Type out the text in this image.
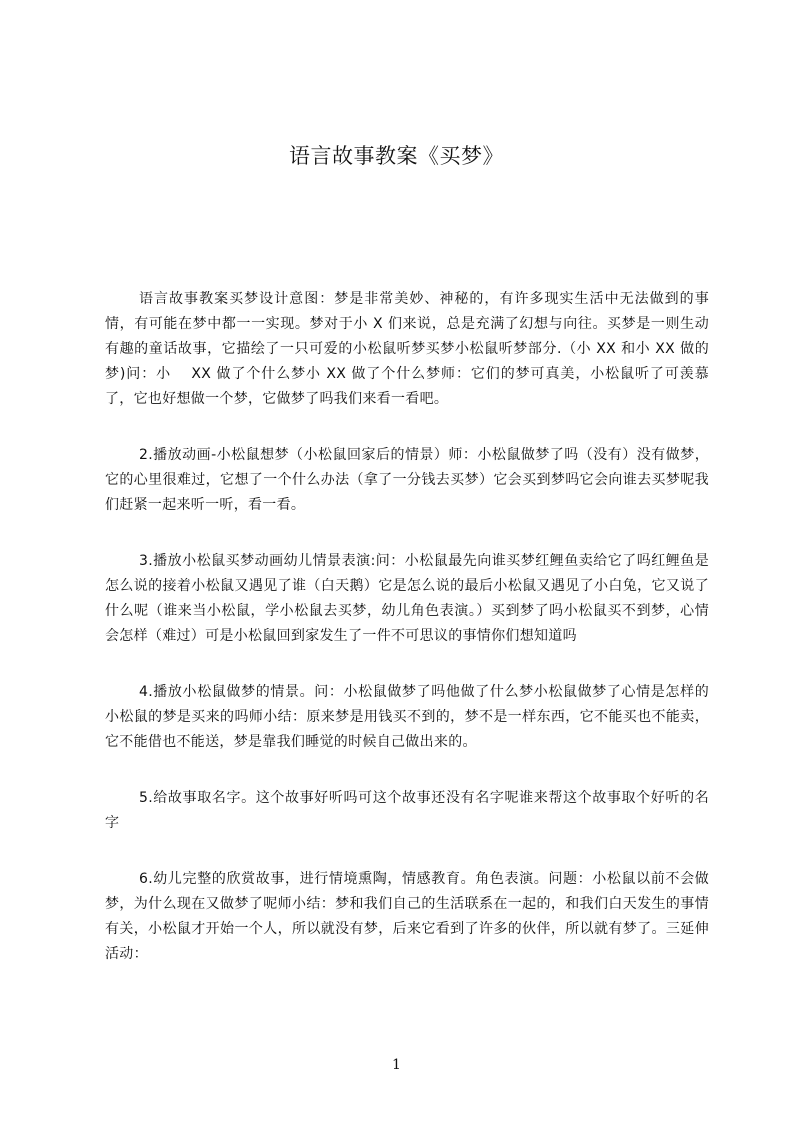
语言故事教案《买梦》

语言故事教案买梦设计意图：梦是非常美妙、神秘的，有许多现实生活中无法做到的事情，有可能在梦中都一一实现。梦对于小 X 们来说，总是充满了幻想与向往。买梦是一则生动有趣的童话故事，它描绘了一只可爱的小松鼠听梦买梦小松鼠听梦部分.（小 XX 和小 XX 做的梦)问：小　 XX 做了个什么梦小 XX 做了个什么梦师：它们的梦可真美，小松鼠听了可羡慕了，它也好想做一个梦，它做梦了吗我们来看一看吧。

2.播放动画-小松鼠想梦（小松鼠回家后的情景）师：小松鼠做梦了吗（没有）没有做梦，它的心里很难过，它想了一个什么办法（拿了一分钱去买梦）它会买到梦吗它会向谁去买梦呢我们赶紧一起来听一听，看一看。

3.播放小松鼠买梦动画幼儿情景表演:问：小松鼠最先向谁买梦红鲤鱼卖给它了吗红鲤鱼是怎么说的接着小松鼠又遇见了谁（白天鹅）它是怎么说的最后小松鼠又遇见了小白兔，它又说了什么呢（谁来当小松鼠，学小松鼠去买梦，幼儿角色表演。）买到梦了吗小松鼠买不到梦，心情会怎样（难过）可是小松鼠回到家发生了一件不可思议的事情你们想知道吗

4.播放小松鼠做梦的情景。问：小松鼠做梦了吗他做了什么梦小松鼠做梦了心情是怎样的小松鼠的梦是买来的吗师小结：原来梦是用钱买不到的，梦不是一样东西，它不能买也不能卖，它不能借也不能送，梦是靠我们睡觉的时候自己做出来的。

5.给故事取名字。这个故事好听吗可这个故事还没有名字呢谁来帮这个故事取个好听的名字

6.幼儿完整的欣赏故事，进行情境熏陶，情感教育。角色表演。问题：小松鼠以前不会做梦，为什么现在又做梦了呢师小结：梦和我们自己的生活联系在一起的，和我们白天发生的事情有关，小松鼠才开始一个人，所以就没有梦，后来它看到了许多的伙伴，所以就有梦了。三延伸活动：

1
